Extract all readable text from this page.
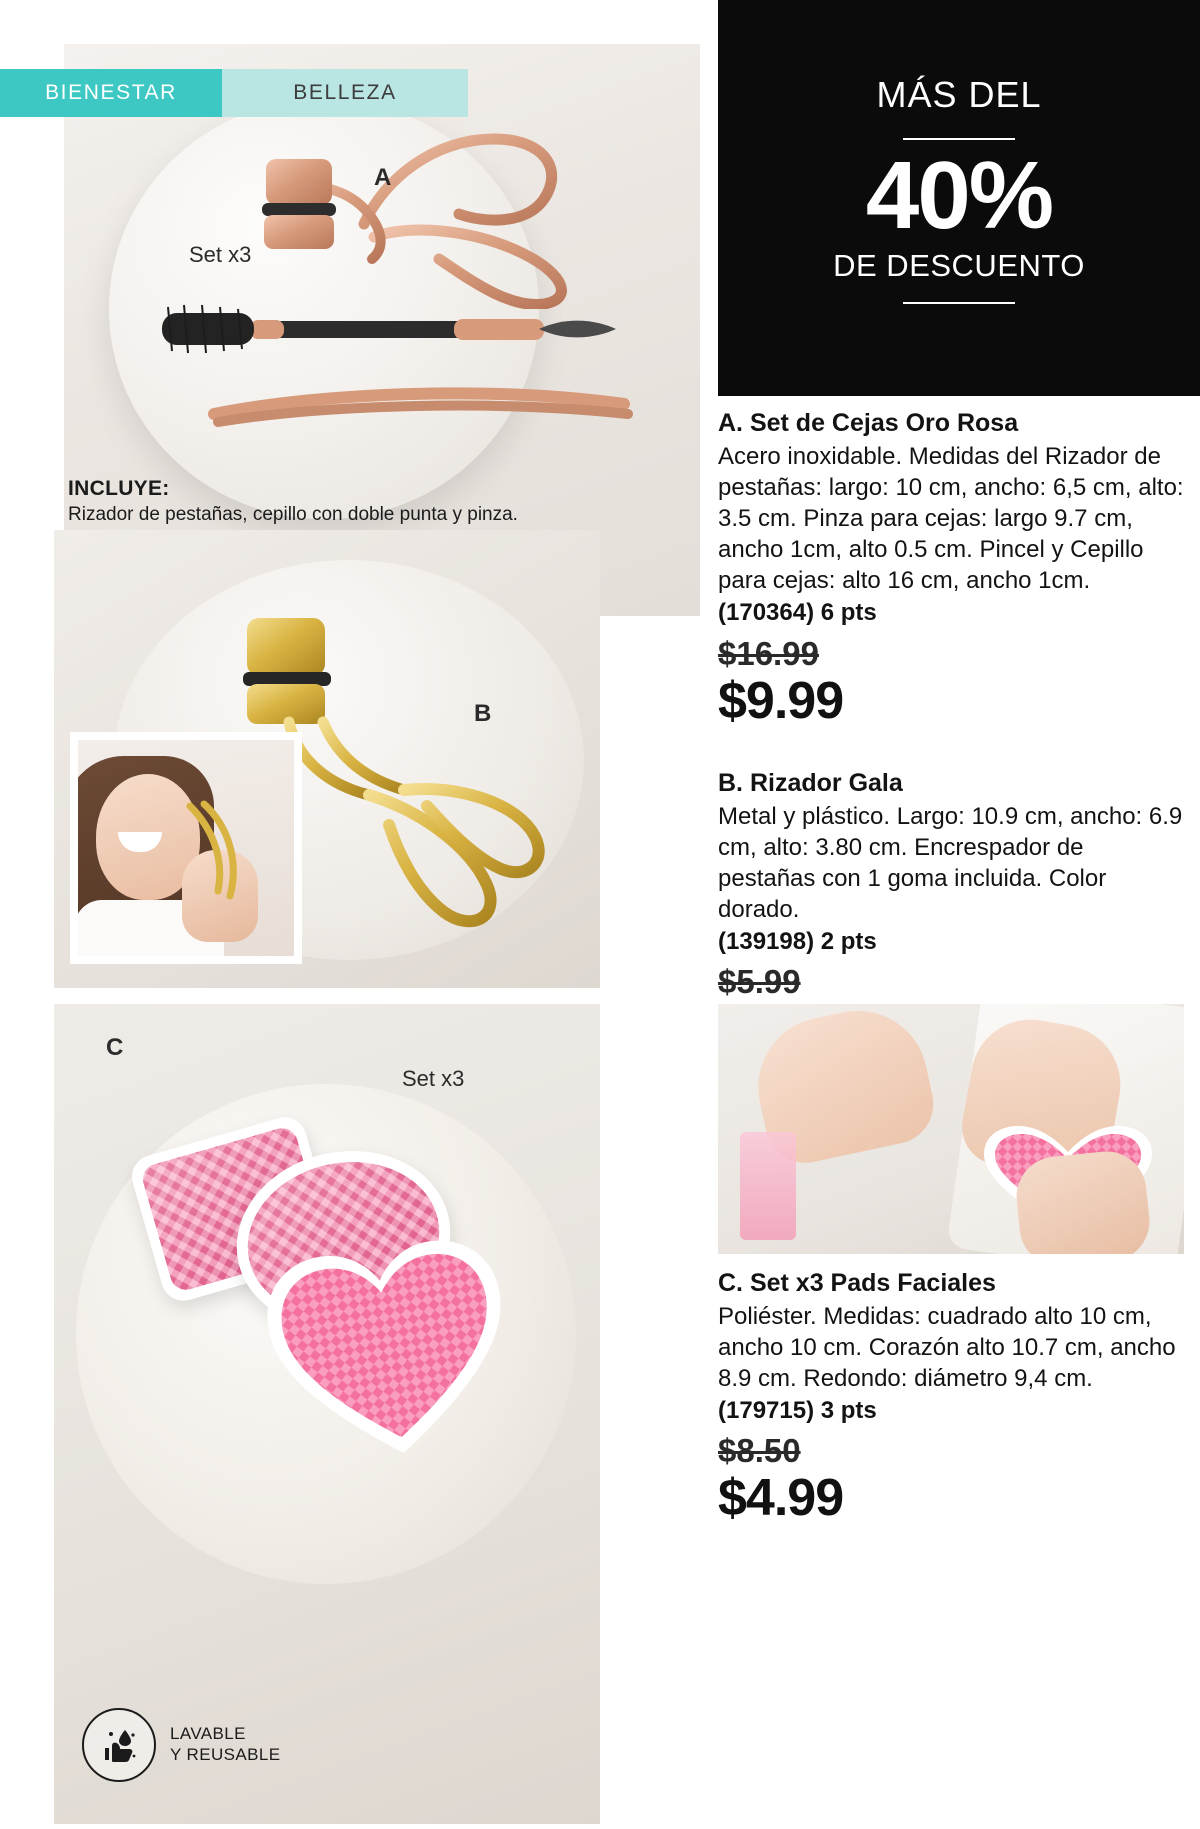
A
Set x3
INCLUYE:
Rizador de pestañas, cepillo con doble punta y pinza.
B
C
Set x3
LAVABLE
Y REUSABLE
BIENESTAR	BELLEZA	MÁS DEL
40%
DE DESCUENTO
A. Set de Cejas Oro Rosa
Acero inoxidable. Medidas del Rizador de pestañas: largo: 10 cm, ancho: 6,5 cm, alto: 3.5 cm. Pinza para cejas: largo 9.7 cm, ancho 1cm, alto 0.5 cm. Pincel y Cepillo para cejas: alto 16 cm, ancho 1cm.
(170364) 6 pts
$16.99
$9.99
B. Rizador Gala
Metal y plástico. Largo: 10.9 cm, ancho: 6.9 cm, alto: 3.80 cm. Encrespador de pestañas con 1 goma incluida. Color dorado.
(139198) 2 pts
$5.99
C. Set x3 Pads Faciales
Poliéster. Medidas: cuadrado alto 10 cm, ancho 10 cm. Corazón alto 10.7 cm, ancho 8.9 cm. Redondo: diámetro 9,4 cm.
(179715) 3 pts
$8.50
$4.99
